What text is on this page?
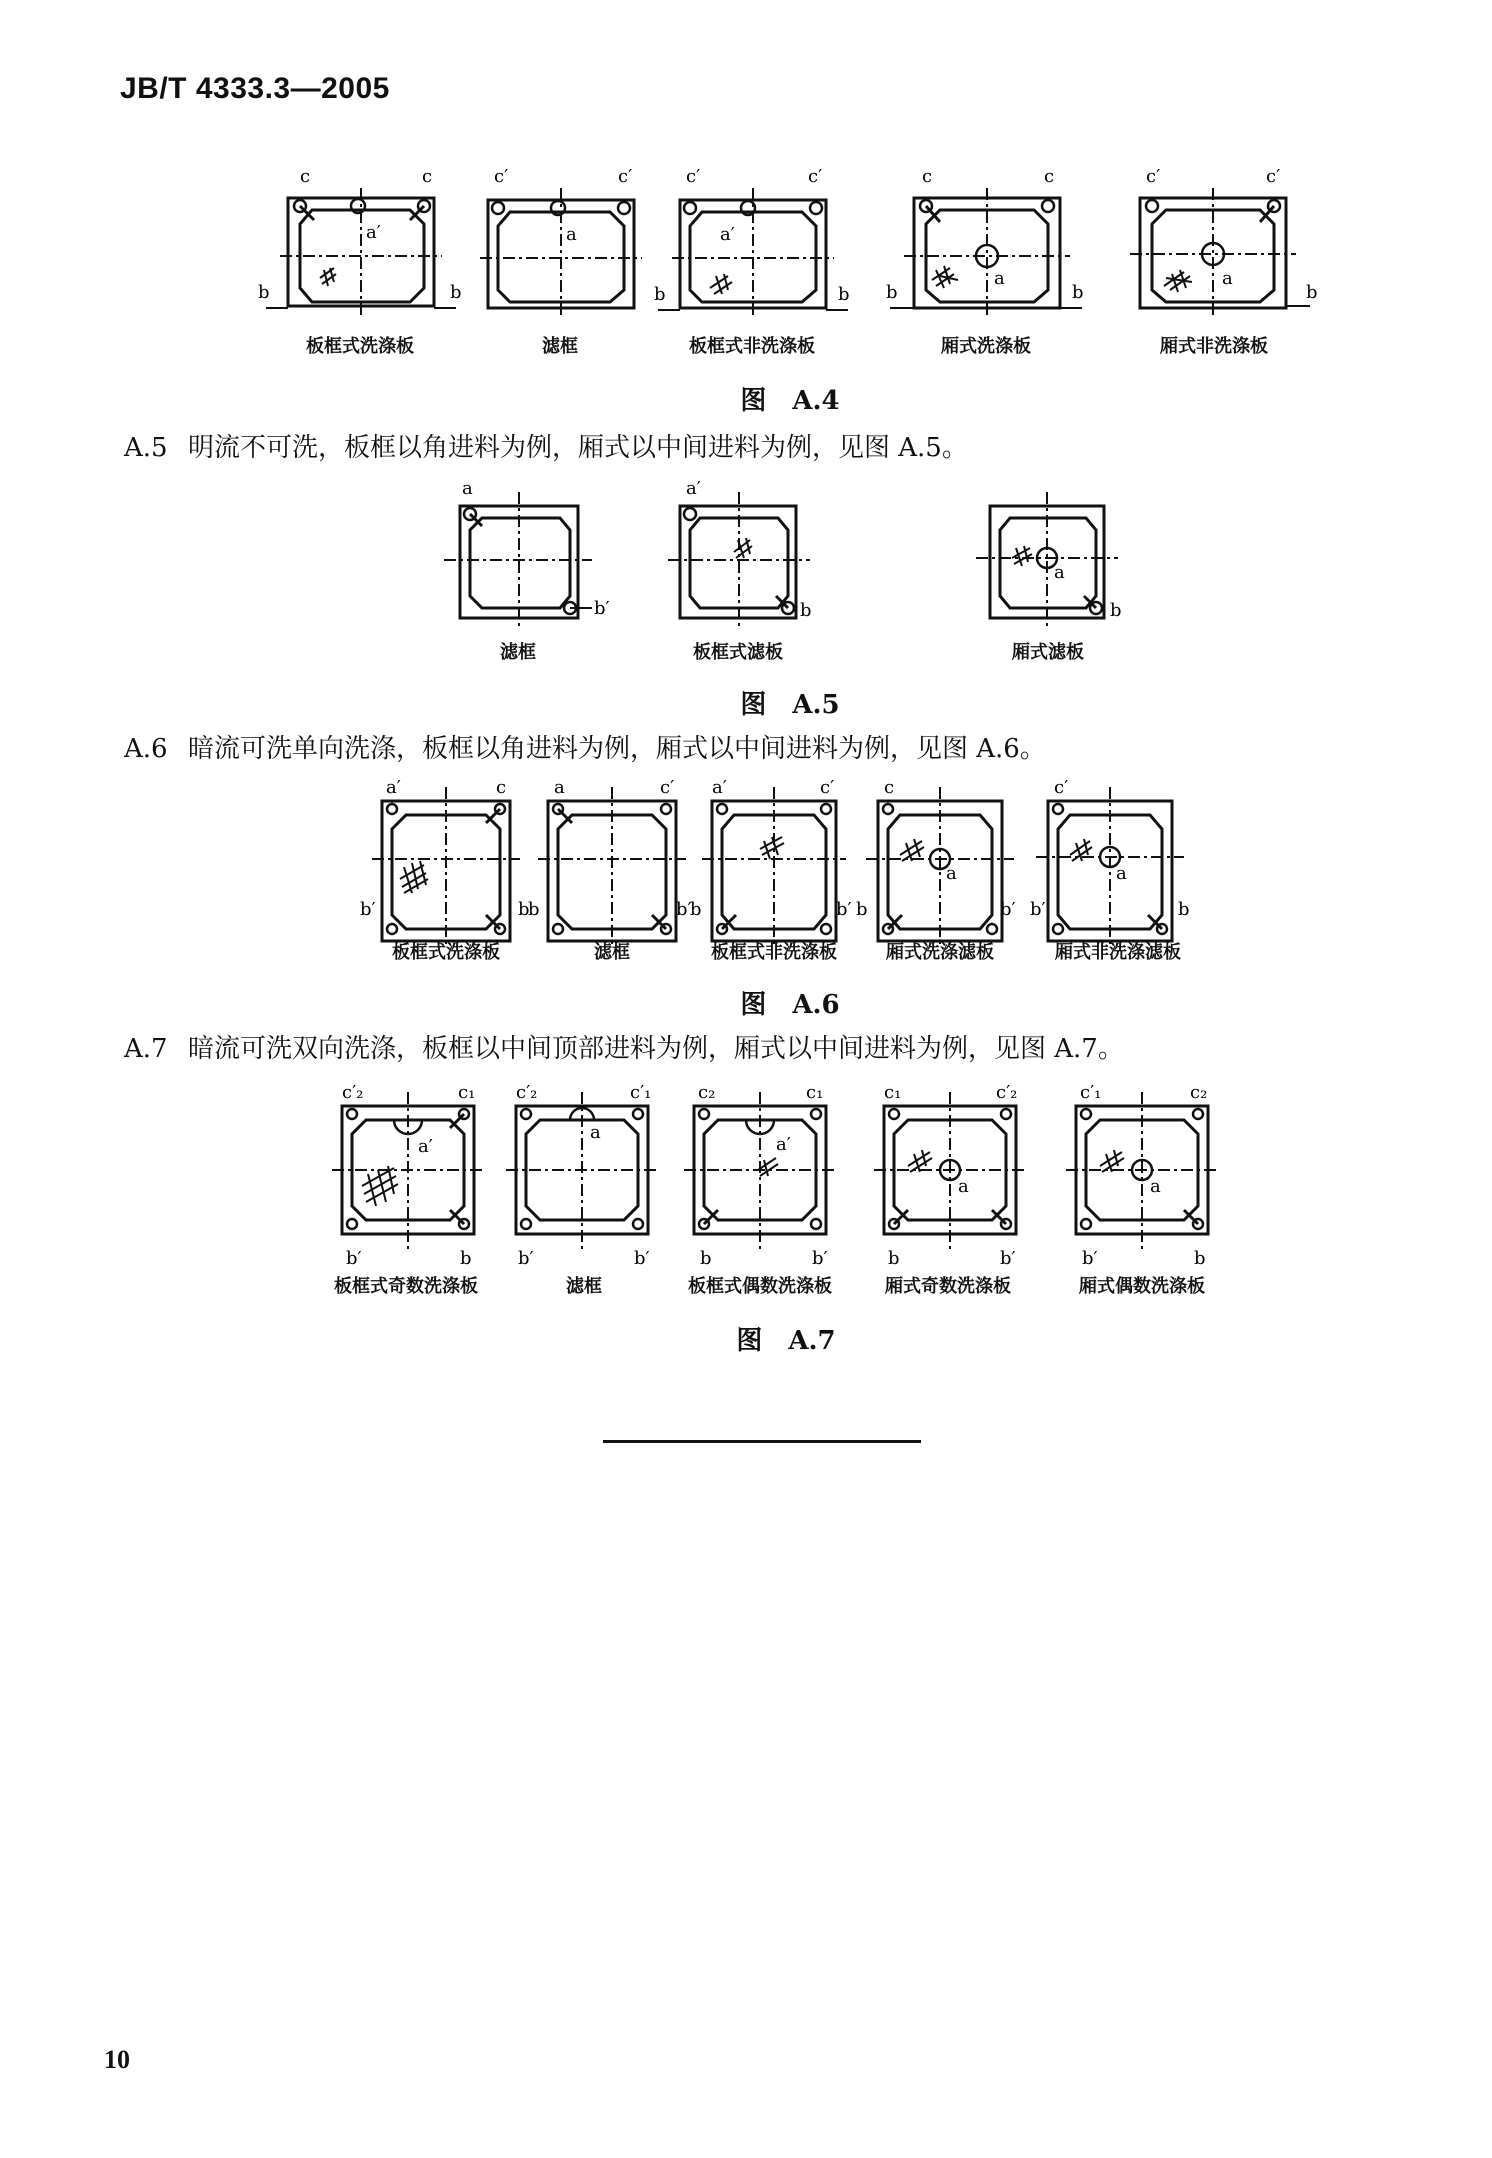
JB/T 4333.3—2005
c	c
a′
b	b
c′	c′
a
c′	c′
a′
b	b
c	c
a
b	b
c′	c′
a
b
板框式洗涤板	滤框	板框式非洗涤板	厢式洗涤板	厢式非洗涤板
图　A.4
A.5 明流不可洗，板框以角进料为例，厢式以中间进料为例，见图 A.5。
a
b′
a′
b
a
b
滤框	板框式滤板	厢式滤板
图　A.5
A.6 暗流可洗单向洗涤，板框以角进料为例，厢式以中间进料为例，见图 A.6。
a′	c
b′	b
a	c′
b	b′
a′	c′
b	b′
c
a
b	b′
c′
a
b′	b
板框式洗涤板	滤框	板框式非洗涤板	厢式洗涤滤板	厢式非洗涤滤板
图　A.6
A.7 暗流可洗双向洗涤，板框以中间顶部进料为例，厢式以中间进料为例，见图 A.7。
c′₂	c₁
a′
b′	b
c′₂	c′₁
a
b′	b′
c₂	c₁
a′
b	b′
c₁	c′₂
a
b	b′
c′₁	c₂
a
b′	b
板框式奇数洗涤板	滤框	板框式偶数洗涤板	厢式奇数洗涤板	厢式偶数洗涤板
图　A.7
10
